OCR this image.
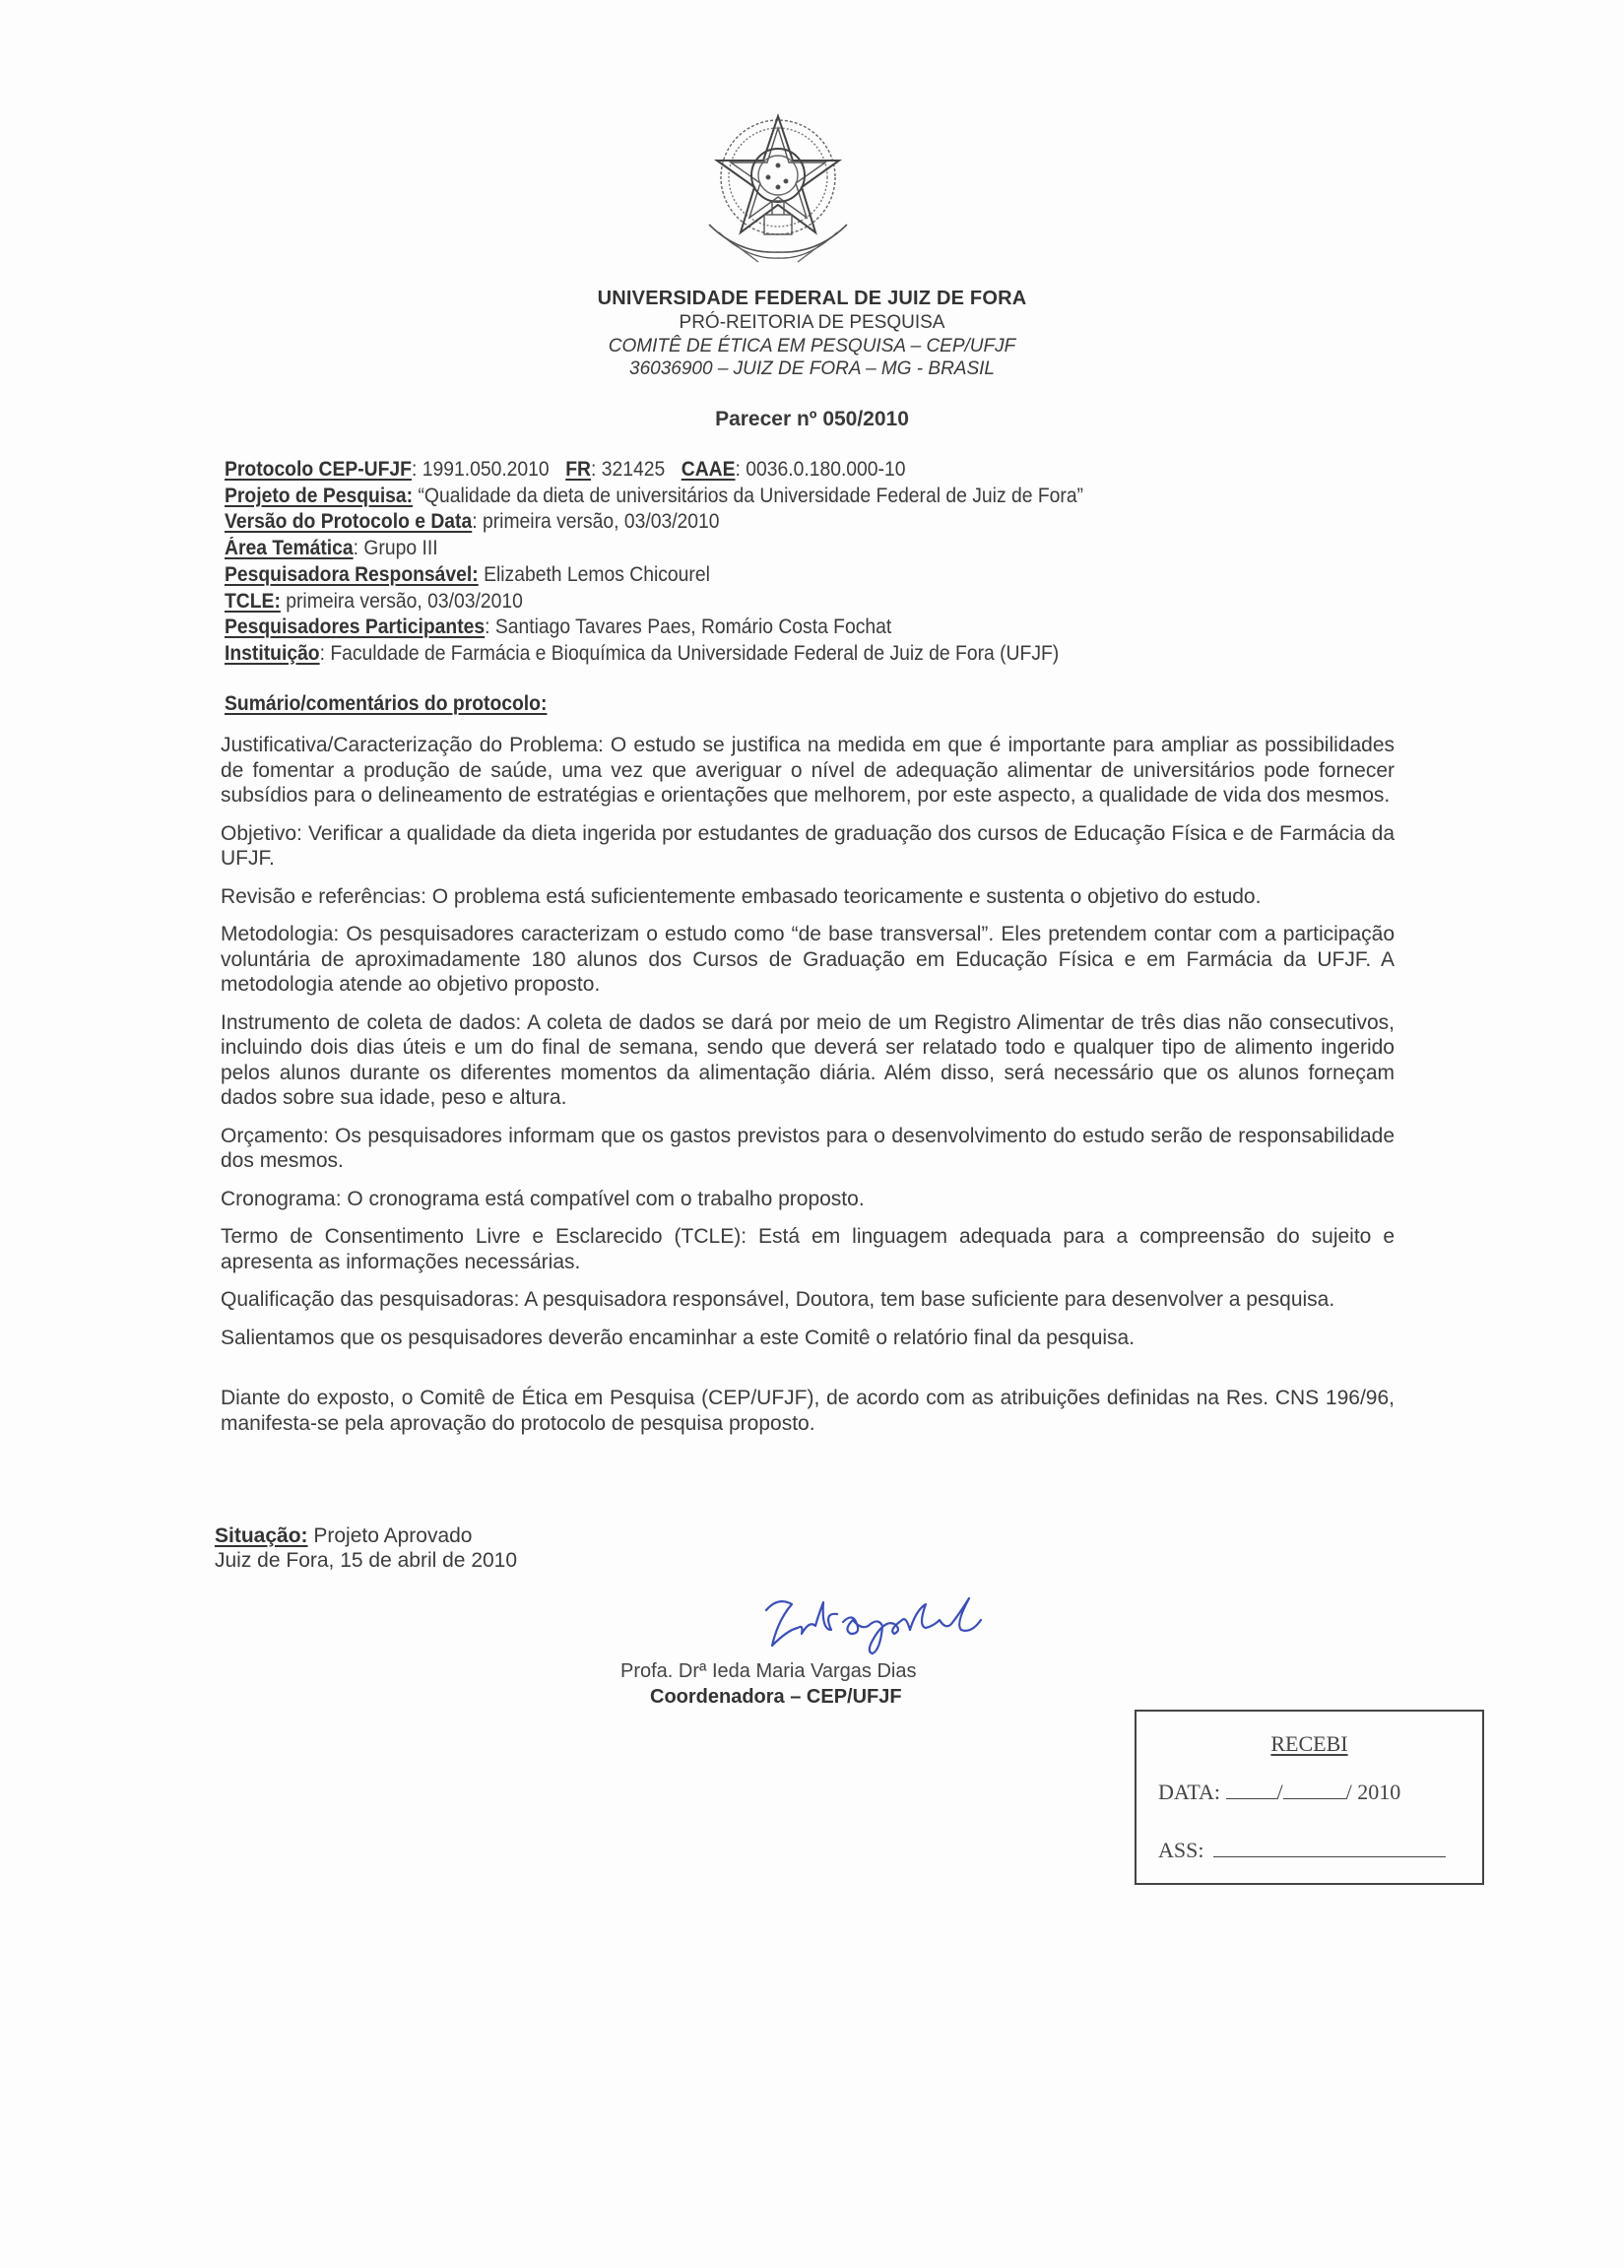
UNIVERSIDADE FEDERAL DE JUIZ DE FORA
PRÓ-REITORIA DE PESQUISA
COMITÊ DE ÉTICA EM PESQUISA – CEP/UFJF
36036900 – JUIZ DE FORA – MG - BRASIL
Parecer nº 050/2010
Protocolo CEP-UFJF: 1991.050.2010 FR: 321425 CAAE: 0036.0.180.000-10
Projeto de Pesquisa: “Qualidade da dieta de universitários da Universidade Federal de Juiz de Fora”
Versão do Protocolo e Data: primeira versão, 03/03/2010
Área Temática: Grupo III
Pesquisadora Responsável: Elizabeth Lemos Chicourel
TCLE: primeira versão, 03/03/2010
Pesquisadores Participantes: Santiago Tavares Paes, Romário Costa Fochat
Instituição: Faculdade de Farmácia e Bioquímica da Universidade Federal de Juiz de Fora (UFJF)
Sumário/comentários do protocolo:

Justificativa/Caracterização do Problema: O estudo se justifica na medida em que é importante para ampliar as possibilidades de fomentar a produção de saúde, uma vez que averiguar o nível de adequação alimentar de universitários pode fornecer subsídios para o delineamento de estratégias e orientações que melhorem, por este aspecto, a qualidade de vida dos mesmos.

Objetivo: Verificar a qualidade da dieta ingerida por estudantes de graduação dos cursos de Educação Física e de Farmácia da UFJF.

Revisão e referências: O problema está suficientemente embasado teoricamente e sustenta o objetivo do estudo.

Metodologia: Os pesquisadores caracterizam o estudo como “de base transversal”. Eles pretendem contar com a participação voluntária de aproximadamente 180 alunos dos Cursos de Graduação em Educação Física e em Farmácia da UFJF. A metodologia atende ao objetivo proposto.

Instrumento de coleta de dados: A coleta de dados se dará por meio de um Registro Alimentar de três dias não consecutivos, incluindo dois dias úteis e um do final de semana, sendo que deverá ser relatado todo e qualquer tipo de alimento ingerido pelos alunos durante os diferentes momentos da alimentação diária. Além disso, será necessário que os alunos forneçam dados sobre sua idade, peso e altura.

Orçamento: Os pesquisadores informam que os gastos previstos para o desenvolvimento do estudo serão de responsabilidade dos mesmos.

Cronograma: O cronograma está compatível com o trabalho proposto.

Termo de Consentimento Livre e Esclarecido (TCLE): Está em linguagem adequada para a compreensão do sujeito e apresenta as informações necessárias.

Qualificação das pesquisadoras: A pesquisadora responsável, Doutora, tem base suficiente para desenvolver a pesquisa.

Salientamos que os pesquisadores deverão encaminhar a este Comitê o relatório final da pesquisa.

Diante do exposto, o Comitê de Ética em Pesquisa (CEP/UFJF), de acordo com as atribuições definidas na Res. CNS 196/96, manifesta-se pela aprovação do protocolo de pesquisa proposto.

Situação: Projeto Aprovado
Juiz de Fora, 15 de abril de 2010
Profa. Drª Ieda Maria Vargas Dias
Coordenadora – CEP/UFJF
RECEBI
DATA:	/	/ 2010
ASS:
